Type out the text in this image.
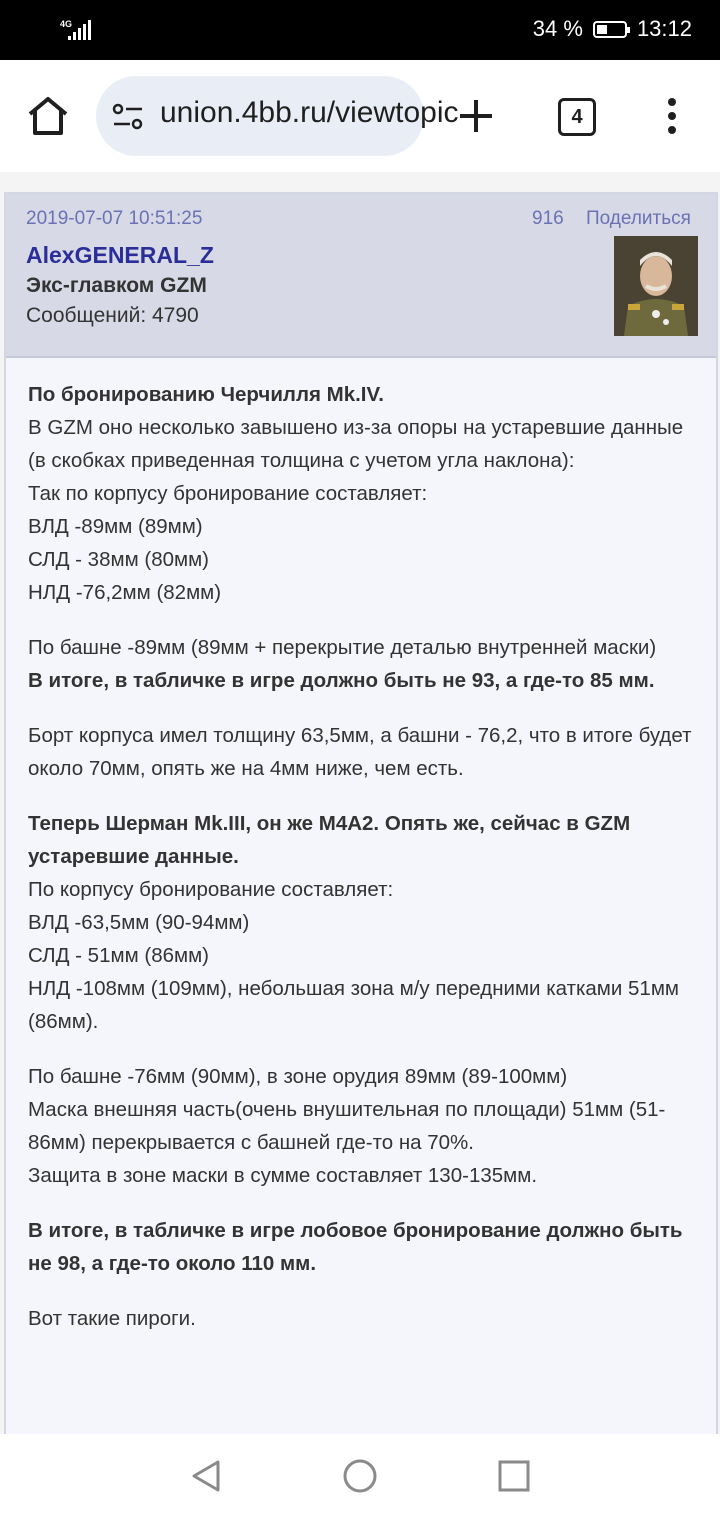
4G	34 % 13:12
union.4bb.ru/viewtopic	4
2019-07-07 10:51:25	916 Поделиться
AlexGENERAL_Z
Экс-главком GZM
Сообщений: 4790

По бронированию Черчилля Mk.IV.
В GZM оно несколько завышено из-за опоры на устаревшие данные (в скобках приведенная толщина с учетом угла наклона):
Так по корпусу бронирование составляет:
ВЛД -89мм (89мм)
СЛД - 38мм (80мм)
НЛД -76,2мм (82мм)

По башне -89мм (89мм + перекрытие деталью внутренней маски)
В итоге, в табличке в игре должно быть не 93, а где-то 85 мм.

Борт корпуса имел толщину 63,5мм, а башни - 76,2, что в итоге будет около 70мм, опять же на 4мм ниже, чем есть.

Теперь Шерман Mk.III, он же M4A2. Опять же, сейчас в GZM устаревшие данные.
По корпусу бронирование составляет:
ВЛД -63,5мм (90-94мм)
СЛД - 51мм (86мм)
НЛД -108мм (109мм), небольшая зона м/у передними катками 51мм (86мм).

По башне -76мм (90мм), в зоне орудия 89мм (89-100мм)
Маска внешняя часть(очень внушительная по площади) 51мм (51-86мм) перекрывается с башней где-то на 70%.
Защита в зоне маски в сумме составляет 130-135мм.

В итоге, в табличке в игре лобовое бронирование должно быть не 98, а где-то около 110 мм.

Вот такие пироги.
